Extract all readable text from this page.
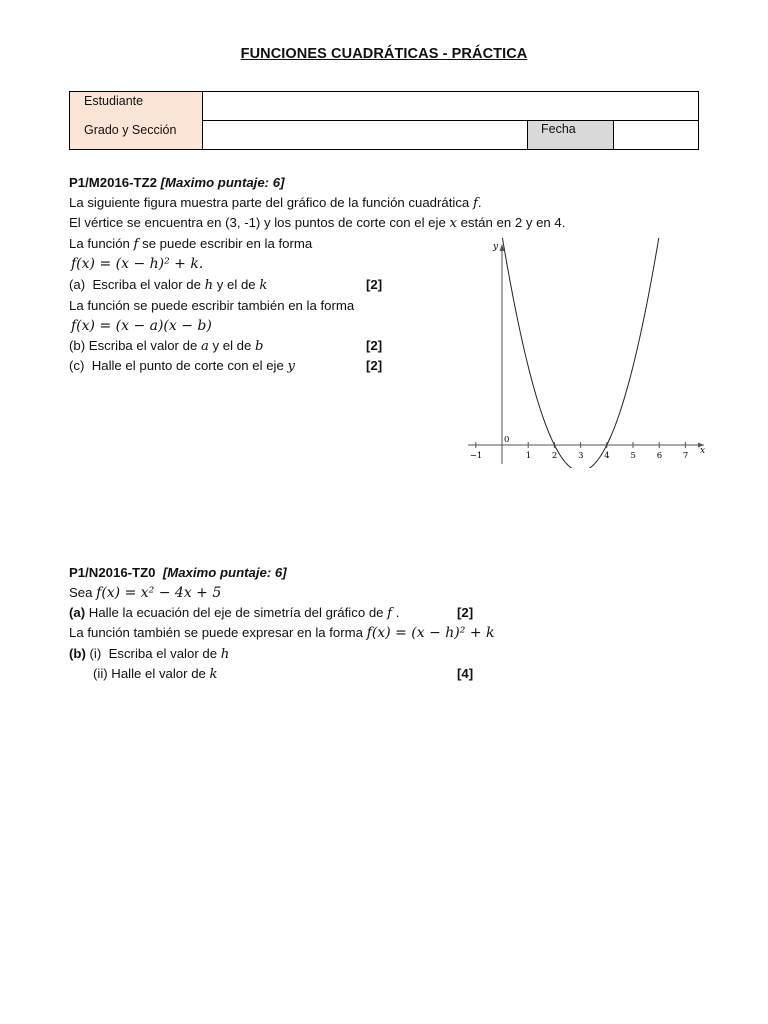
FUNCIONES CUADRÁTICAS - PRÁCTICA
Estudiante
Grado y Sección	Fecha
P1/M2016-TZ2 [Maximo puntaje: 6]
La siguiente figura muestra parte del gráfico de la función cuadrática f.
El vértice se encuentra en (3, -1) y los puntos de corte con el eje x están en 2 y en 4.
La función f se puede escribir en la forma
f(x) = (x − h)² + k.
(a) Escriba el valor de h y el de k	[2]
La función se puede escribir también en la forma
f(x) = (x − a)(x − b)
(b) Escriba el valor de a y el de b	[2]
(c) Halle el punto de corte con el eje y	[2]
x
y
0
−1	1 2 3 4 5 6 7
P1/N2016-TZ0 [Maximo puntaje: 6]
Sea f(x) = x² − 4x + 5
(a) Halle la ecuación del eje de simetría del gráfico de f .	[2]
La función también se puede expresar en la forma f(x) = (x − h)² + k
(b) (i) Escriba el valor de h
(ii) Halle el valor de k	[4]
